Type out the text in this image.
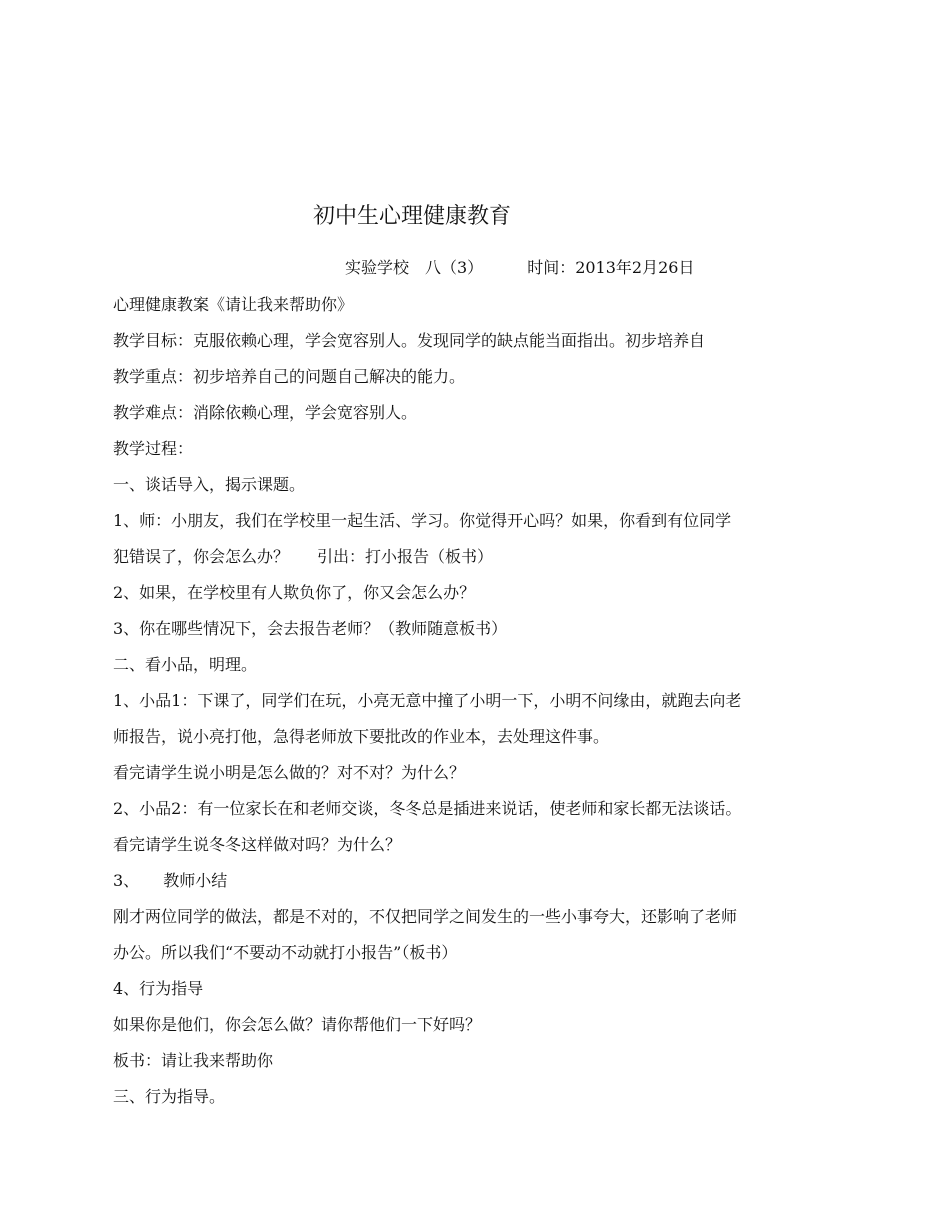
初中生心理健康教育
实验学校　八（3）	时间：2013年2月26日
心理健康教案《请让我来帮助你》
教学目标：克服依赖心理，学会宽容别人。发现同学的缺点能当面指出。初步培养自
教学重点：初步培养自己的问题自己解决的能力。
教学难点：消除依赖心理，学会宽容别人。
教学过程：
一、谈话导入，揭示课题。
1、师：小朋友，我们在学校里一起生活、学习。你觉得开心吗？如果，你看到有位同学
犯错误了，你会怎么办？ 引出：打小报告（板书）
2、如果，在学校里有人欺负你了，你又会怎么办？
3、你在哪些情况下，会去报告老师？（教师随意板书）
二、看小品，明理。
1、小品1：下课了，同学们在玩，小亮无意中撞了小明一下，小明不问缘由，就跑去向老
师报告，说小亮打他，急得老师放下要批改的作业本，去处理这件事。
看完请学生说小明是怎么做的？对不对？为什么？
2、小品2：有一位家长在和老师交谈，冬冬总是插进来说话，使老师和家长都无法谈话。
看完请学生说冬冬这样做对吗？为什么？
3、 教师小结
刚才两位同学的做法，都是不对的，不仅把同学之间发生的一些小事夸大，还影响了老师
办公。所以我们“不要动不动就打小报告”（板书）
4、行为指导
如果你是他们，你会怎么做？请你帮他们一下好吗？
板书：请让我来帮助你
三、行为指导。
